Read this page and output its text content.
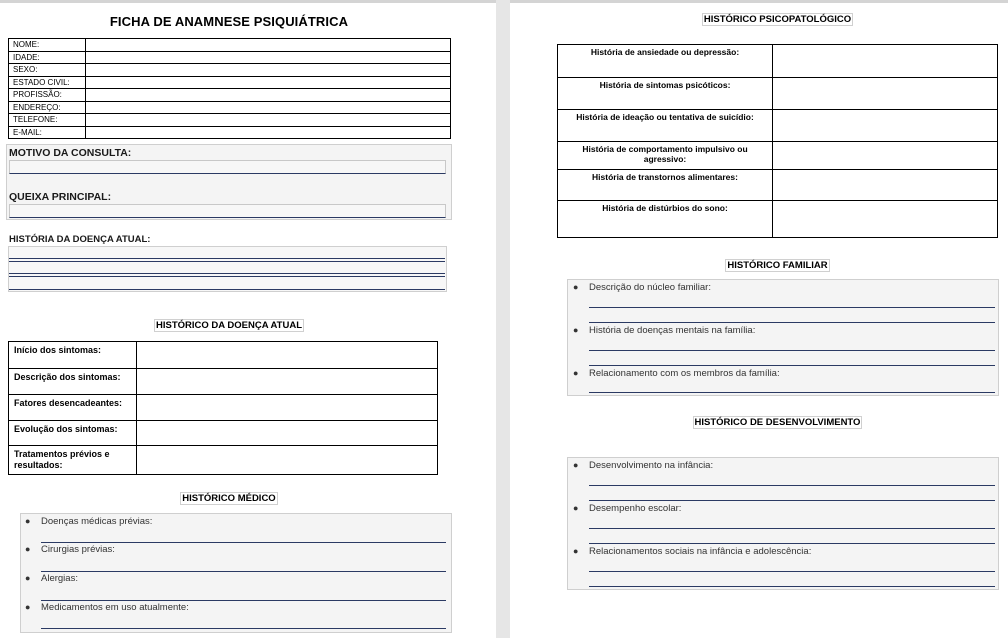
FICHA DE ANAMNESE PSIQUIÁTRICA
NOME:	
IDADE:	
SEXO:	
ESTADO CIVIL:	
PROFISSÃO:	
ENDEREÇO:	
TELEFONE:	
E-MAIL:	
MOTIVO DA CONSULTA:
QUEIXA PRINCIPAL:
HISTÓRIA DA DOENÇA ATUAL:
HISTÓRICO DA DOENÇA ATUAL
Início dos sintomas:	
Descrição dos sintomas:	
Fatores desencadeantes:	
Evolução dos sintomas:	
Tratamentos prévios e resultados:	
HISTÓRICO MÉDICO
● Doenças médicas prévias:
● Cirurgias prévias:
● Alergias:
● Medicamentos em uso atualmente:
HISTÓRICO PSICOPATOLÓGICO
História de ansiedade ou depressão:	
História de sintomas psicóticos:	
História de ideação ou tentativa de suicídio:	
História de comportamento impulsivo ou agressivo:	
História de transtornos alimentares:	
História de distúrbios do sono:	
HISTÓRICO FAMILIAR
● Descrição do núcleo familiar:
● História de doenças mentais na família:
● Relacionamento com os membros da família:
HISTÓRICO DE DESENVOLVIMENTO
● Desenvolvimento na infância:
● Desempenho escolar:
● Relacionamentos sociais na infância e adolescência:
